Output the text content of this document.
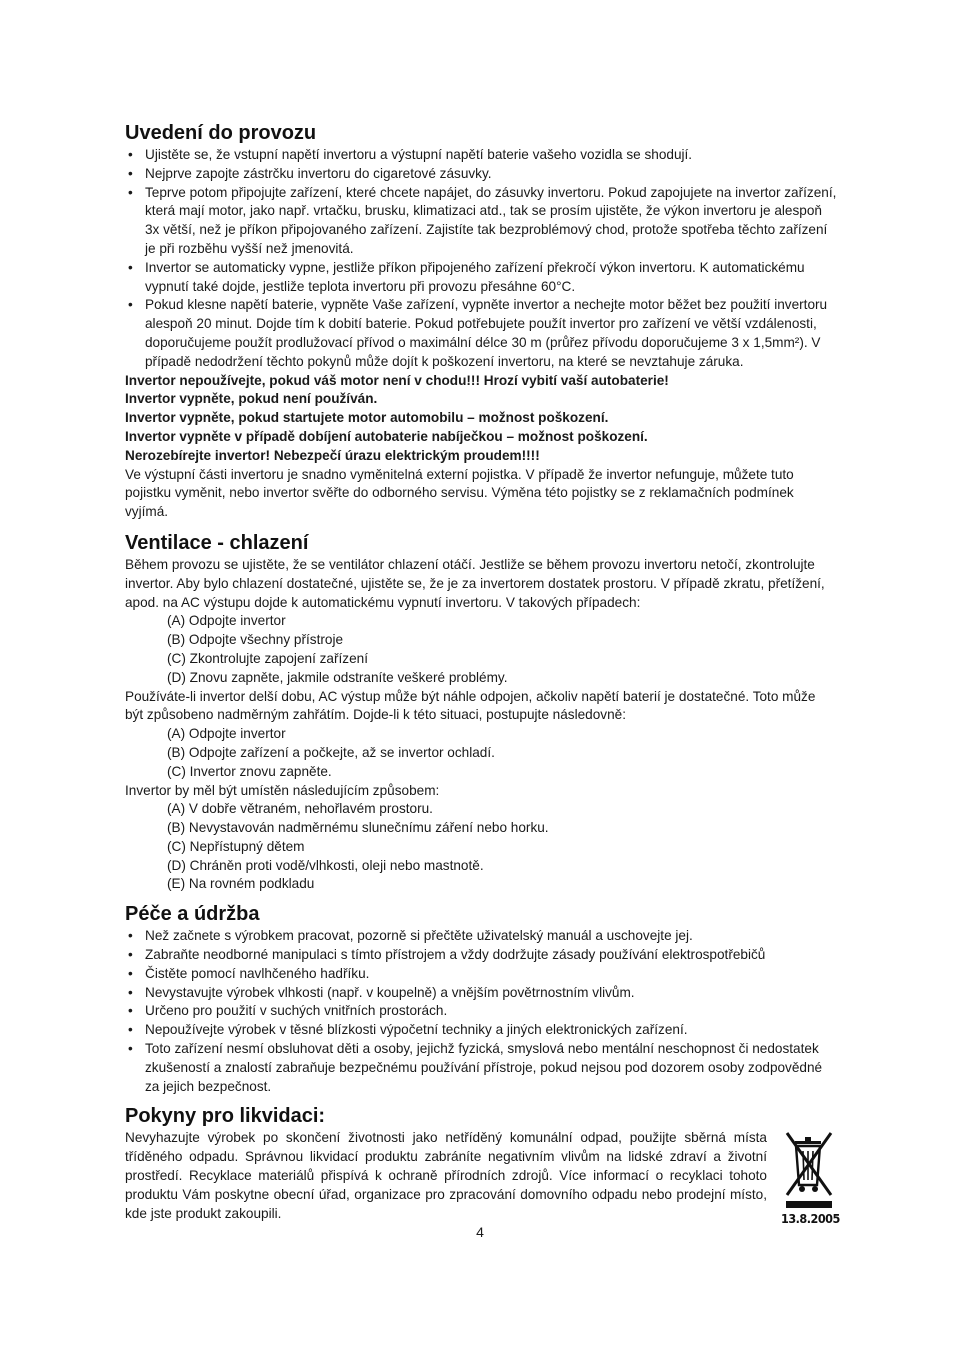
Uvedení do provozu
• Ujistěte se, že vstupní napětí invertoru a výstupní napětí baterie vašeho vozidla se shodují.
• Nejprve zapojte zástrčku invertoru do cigaretové zásuvky.
• Teprve potom připojujte zařízení, které chcete napájet, do zásuvky invertoru. Pokud zapojujete na invertor zařízení, která mají motor, jako např. vrtačku, brusku, klimatizaci atd., tak se prosím ujistěte, že výkon invertoru je alespoň 3x větší, než je příkon připojovaného zařízení. Zajistíte tak bezproblémový chod, protože spotřeba těchto zařízení je při rozběhu vyšší než jmenovitá.
• Invertor se automaticky vypne, jestliže příkon připojeného zařízení překročí výkon invertoru. K automatickému vypnutí také dojde, jestliže teplota invertoru při provozu přesáhne 60°C.
• Pokud klesne napětí baterie, vypněte Vaše zařízení, vypněte invertor a nechejte motor běžet bez použití invertoru alespoň 20 minut. Dojde tím k dobití baterie. Pokud potřebujete použít invertor pro zařízení ve větší vzdálenosti, doporučujeme použít prodlužovací přívod o maximální délce 30 m (průřez přívodu doporučujeme 3 x 1,5mm²). V případě nedodržení těchto pokynů může dojít k poškození invertoru, na které se nevztahuje záruka.

Invertor nepoužívejte, pokud váš motor není v chodu!!! Hrozí vybití vaší autobaterie!

Invertor vypněte, pokud není používán.

Invertor vypněte, pokud startujete motor automobilu – možnost poškození.

Invertor vypněte v případě dobíjení autobaterie nabíječkou – možnost poškození.

Nerozebírejte invertor! Nebezpečí úrazu elektrickým proudem!!!!

Ve výstupní části invertoru je snadno vyměnitelná externí pojistka. V případě že invertor nefunguje, můžete tuto pojistku vyměnit, nebo invertor svěřte do odborného servisu. Výměna této pojistky se z reklamačních podmínek vyjímá.

Ventilace - chlazení

Během provozu se ujistěte, že se ventilátor chlazení otáčí. Jestliže se během provozu invertoru netočí, zkontrolujte invertor. Aby bylo chlazení dostatečné, ujistěte se, že je za invertorem dostatek prostoru. V případě zkratu, přetížení, apod. na AC výstupu dojde k automatickému vypnutí invertoru. V takových případech:

(A) Odpojte invertor
(B) Odpojte všechny přístroje
(C) Zkontrolujte zapojení zařízení
(D) Znovu zapněte, jakmile odstraníte veškeré problémy.

Používáte-li invertor delší dobu, AC výstup může být náhle odpojen, ačkoliv napětí baterií je dostatečné. Toto může být způsobeno nadměrným zahřátím. Dojde-li k této situaci, postupujte následovně:

(A) Odpojte invertor
(B) Odpojte zařízení a počkejte, až se invertor ochladí.
(C) Invertor znovu zapněte.

Invertor by měl být umístěn následujícím způsobem:

(A) V dobře větraném, nehořlavém prostoru.
(B) Nevystavován nadměrnému slunečnímu záření nebo horku.
(C) Nepřístupný dětem
(D) Chráněn proti vodě/vlhkosti, oleji nebo mastnotě.
(E) Na rovném podkladu
Péče a údržba
• Než začnete s výrobkem pracovat, pozorně si přečtěte uživatelský manuál a uschovejte jej.
• Zabraňte neodborné manipulaci s tímto přístrojem a vždy dodržujte zásady používání elektrospotřebičů
• Čistěte pomocí navlhčeného hadříku.
• Nevystavujte výrobek vlhkosti (např. v koupelně) a vnějším povětrnostním vlivům.
• Určeno pro použití v suchých vnitřních prostorách.
• Nepoužívejte výrobek v těsné blízkosti výpočetní techniky a jiných elektronických zařízení.
• Toto zařízení nesmí obsluhovat děti a osoby, jejichž fyzická, smyslová nebo mentální neschopnost či nedostatek zkušeností a znalostí zabraňuje bezpečnému používání přístroje, pokud nejsou pod dozorem osoby zodpovědné za jejich bezpečnost.
Pokyny pro likvidaci:

Nevyhazujte výrobek po skončení životnosti jako netříděný komunální odpad, použijte sběrná místa tříděného odpadu. Správnou likvidací produktu zabráníte negativním vlivům na lidské zdraví a životní prostředí. Recyklace materiálů přispívá k ochraně přírodních zdrojů. Více informací o recyklaci tohoto produktu Vám poskytne obecní úřad, organizace pro zpracování domovního odpadu nebo prodejní místo, kde jste produkt zakoupili.	13.8.2005
4
